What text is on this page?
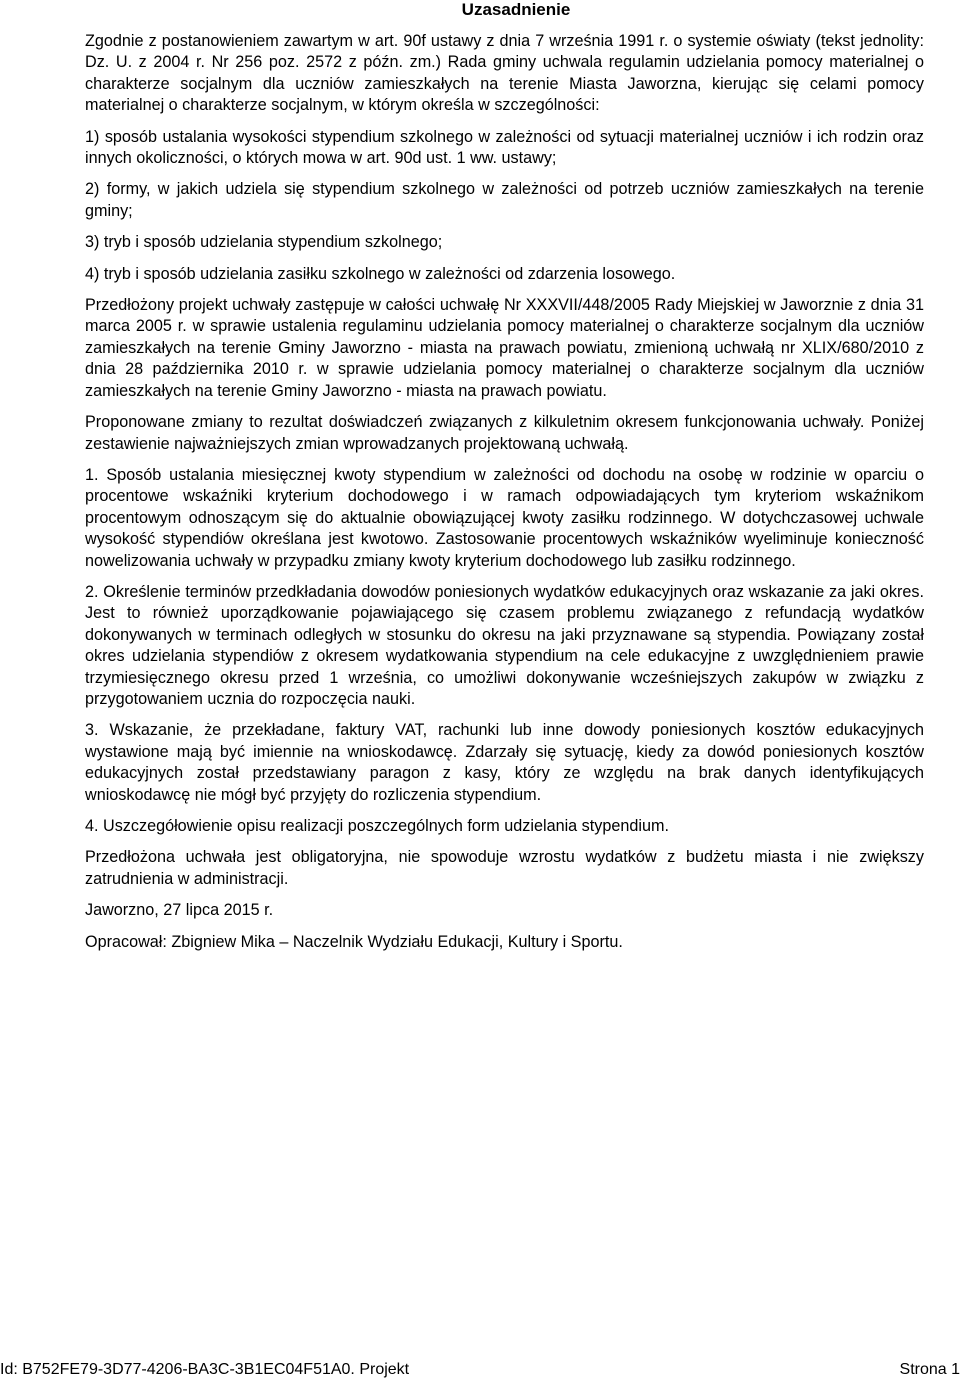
Uzasadnienie

Zgodnie z postanowieniem zawartym w art. 90f ustawy z dnia 7 września 1991 r. o systemie oświaty (tekst jednolity: Dz. U. z 2004 r. Nr 256 poz. 2572 z późn. zm.) Rada gminy uchwala regulamin udzielania pomocy materialnej o charakterze socjalnym dla uczniów zamieszkałych na terenie Miasta Jaworzna, kierując się celami pomocy materialnej o charakterze socjalnym, w którym określa w szczególności:

1) sposób ustalania wysokości stypendium szkolnego w zależności od sytuacji materialnej uczniów i ich rodzin oraz innych okoliczności, o których mowa w art. 90d ust. 1 ww. ustawy;

2) formy, w jakich udziela się stypendium szkolnego w zależności od potrzeb uczniów zamieszkałych na terenie gminy;

3) tryb i sposób udzielania stypendium szkolnego;

4) tryb i sposób udzielania zasiłku szkolnego w zależności od zdarzenia losowego.

Przedłożony projekt uchwały zastępuje w całości uchwałę Nr XXXVII/448/2005 Rady Miejskiej w Jaworznie z dnia 31 marca 2005 r. w sprawie ustalenia regulaminu udzielania pomocy materialnej o charakterze socjalnym dla uczniów zamieszkałych na terenie Gminy Jaworzno - miasta na prawach powiatu, zmienioną uchwałą nr XLIX/680/2010 z dnia 28 października 2010 r. w sprawie udzielania pomocy materialnej o charakterze socjalnym dla uczniów zamieszkałych na terenie Gminy Jaworzno - miasta na prawach powiatu.

Proponowane zmiany to rezultat doświadczeń związanych z kilkuletnim okresem funkcjonowania uchwały. Poniżej zestawienie najważniejszych zmian wprowadzanych projektowaną uchwałą.

1. Sposób ustalania miesięcznej kwoty stypendium w zależności od dochodu na osobę w rodzinie w oparciu o procentowe wskaźniki kryterium dochodowego i w ramach odpowiadających tym kryteriom wskaźnikom procentowym odnoszącym się do aktualnie obowiązującej kwoty zasiłku rodzinnego. W dotychczasowej uchwale wysokość stypendiów określana jest kwotowo. Zastosowanie procentowych wskaźników wyeliminuje konieczność nowelizowania uchwały w przypadku zmiany kwoty kryterium dochodowego lub zasiłku rodzinnego.

2. Określenie terminów przedkładania dowodów poniesionych wydatków edukacyjnych oraz wskazanie za jaki okres. Jest to również uporządkowanie pojawiającego się czasem problemu związanego z refundacją wydatków dokonywanych w terminach odległych w stosunku do okresu na jaki przyznawane są stypendia. Powiązany został okres udzielania stypendiów z okresem wydatkowania stypendium na cele edukacyjne z uwzględnieniem prawie trzymiesięcznego okresu przed 1 września, co umożliwi dokonywanie wcześniejszych zakupów w związku z przygotowaniem ucznia do rozpoczęcia nauki.

3. Wskazanie, że przekładane, faktury VAT, rachunki lub inne dowody poniesionych kosztów edukacyjnych wystawione mają być imiennie na wnioskodawcę. Zdarzały się sytuację, kiedy za dowód poniesionych kosztów edukacyjnych został przedstawiany paragon z kasy, który ze względu na brak danych identyfikujących wnioskodawcę nie mógł być przyjęty do rozliczenia stypendium.

4. Uszczegółowienie opisu realizacji poszczególnych form udzielania stypendium.

Przedłożona uchwała jest obligatoryjna, nie spowoduje wzrostu wydatków z budżetu miasta i nie zwiększy zatrudnienia w administracji.

Jaworzno, 27 lipca 2015 r.

Opracował: Zbigniew Mika – Naczelnik Wydziału Edukacji, Kultury i Sportu.

Id: B752FE79-3D77-4206-BA3C-3B1EC04F51A0. Projekt	Strona 1
